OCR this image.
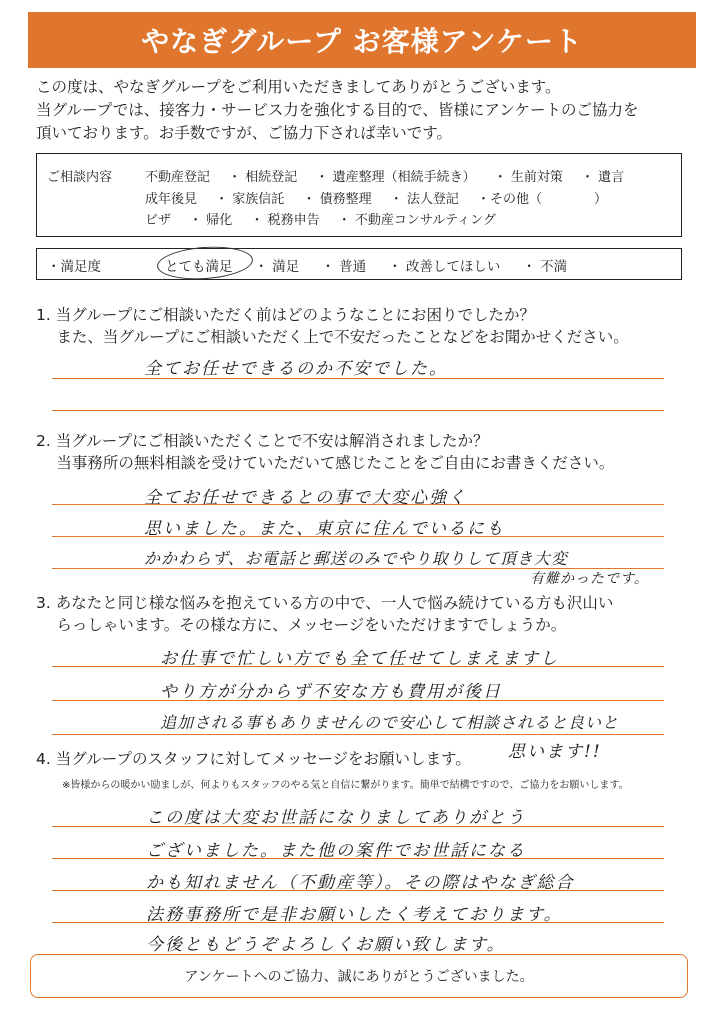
やなぎグループ お客様アンケート
この度は、やなぎグループをご利用いただきましてありがとうございます。
当グループでは、接客力・サービス力を強化する目的で、皆様にアンケートのご協力を
頂いております。お手数ですが、ご協力下されば幸いです。
ご相談内容	不動産登記 ・ 相続登記 ・ 遺産整理（相続手続き） ・ 生前対策 ・ 遺言
成年後見 ・ 家族信託 ・ 債務整理 ・ 法人登記 ・その他（　　　　）
ビザ ・ 帰化 ・ 税務申告 ・ 不動産コンサルティング
・満足度	とても満足 ・ 満足 ・ 普通 ・ 改善してほしい ・ 不満
1. 当グループにご相談いただく前はどのようなことにお困りでしたか？
　 また、当グループにご相談いただく上で不安だったことなどをお聞かせください。
全てお任せできるのか不安でした。
2. 当グループにご相談いただくことで不安は解消されましたか？
　 当事務所の無料相談を受けていただいて感じたことをご自由にお書きください。
全てお任せできるとの事で大変心強く
思いました。また、東京に住んでいるにも
かかわらず、お電話と郵送のみでやり取りして頂き大変
有難かったです。
3. あなたと同じ様な悩みを抱えている方の中で、一人で悩み続けている方も沢山い
　 らっしゃいます。その様な方に、メッセージをいただけますでしょうか。
お仕事で忙しい方でも全て任せてしまえますし
やり方が分からず不安な方も費用が後日
追加される事もありませんので安心して相談されると良いと
思います!!
4. 当グループのスタッフに対してメッセージをお願いします。
※皆様からの暖かい励ましが、何よりもスタッフのやる気と自信に繋がります。簡単で結構ですので、ご協力をお願いします。
この度は大変お世話になりましてありがとう
ございました。また他の案件でお世話になる
かも知れません（不動産等）。その際はやなぎ総合
法務事務所で是非お願いしたく考えております。
今後ともどうぞよろしくお願い致します。
アンケートへのご協力、誠にありがとうございました。
